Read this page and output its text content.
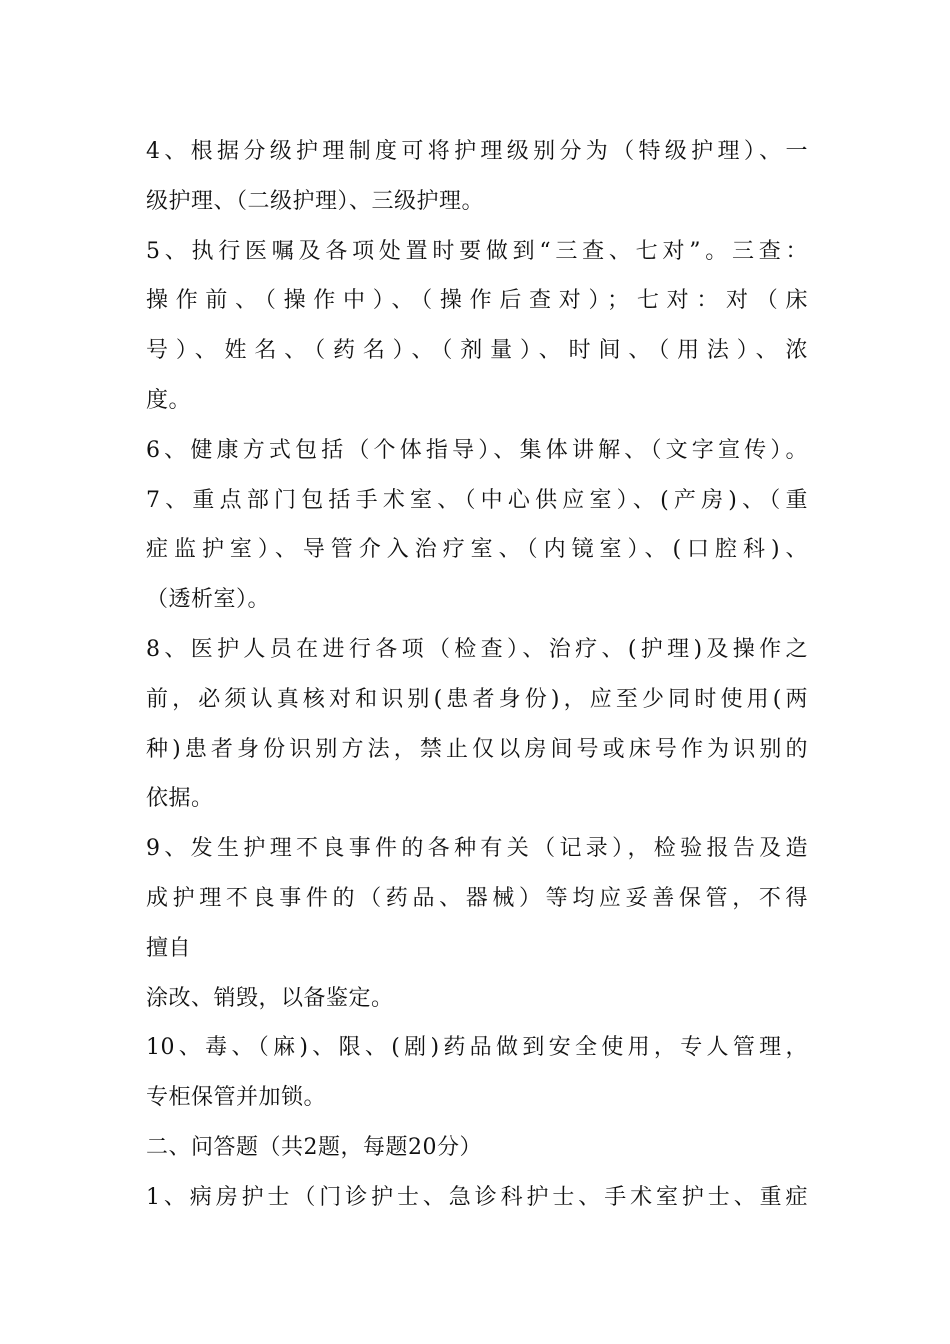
4、根据分级护理制度可将护理级别分为（特级护理）、一
级护理、（二级护理）、三级护理。
5、执行医嘱及各项处置时要做到“三查、七对”。三查：
操作前、（操作中）、（操作后查对）；七对：对（床
号）、姓名、（药名）、（剂量）、时间、（用法）、浓
度。
6、健康方式包括（个体指导）、集体讲解、（文字宣传）。
7、重点部门包括手术室、（中心供应室）、(产房)、（重
症监护室）、导管介入治疗室、（内镜室）、(口腔科)、
（透析室）。
8、医护人员在进行各项（检查）、治疗、(护理)及操作之
前，必须认真核对和识别(患者身份)，应至少同时使用(两
种)患者身份识别方法，禁止仅以房间号或床号作为识别的
依据。
9、发生护理不良事件的各种有关（记录），检验报告及造
成护理不良事件的（药品、器械）等均应妥善保管，不得
擅自
涂改、销毁，以备鉴定。
10、毒、（麻)、限、(剧)药品做到安全使用，专人管理，
专柜保管并加锁。
二、问答题（共2题，每题20分）
1、病房护士（门诊护士、急诊科护士、手术室护士、重症
